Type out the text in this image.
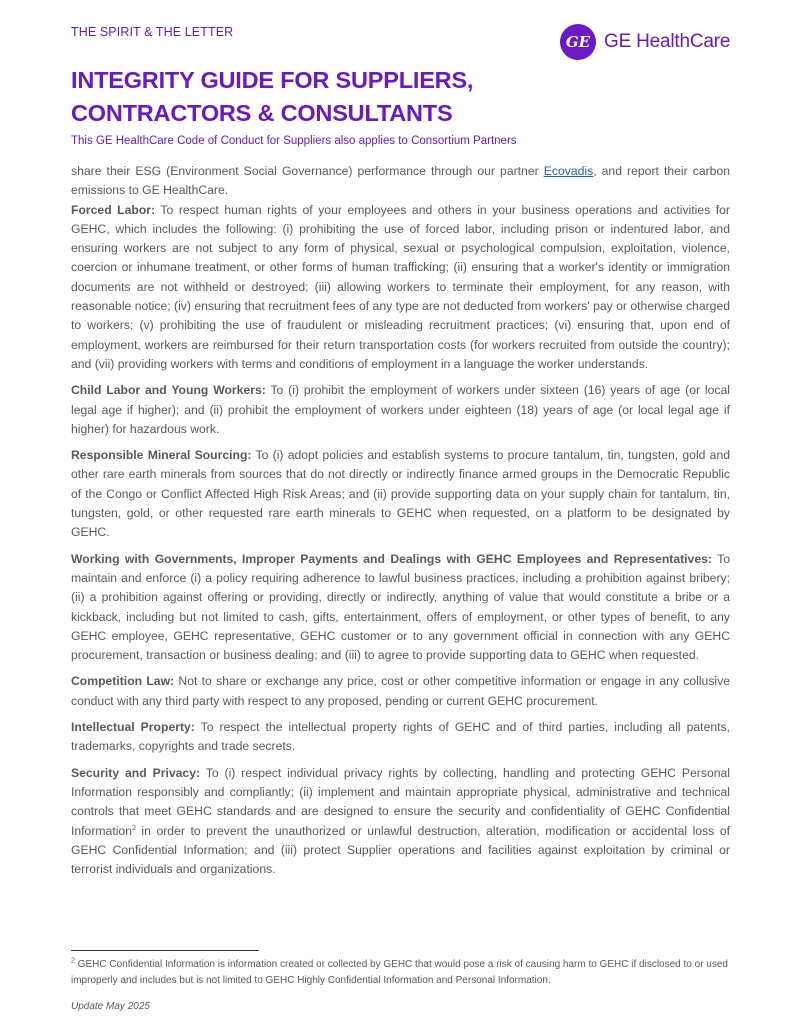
THE SPIRIT & THE LETTER
GE GE HealthCare
INTEGRITY GUIDE FOR SUPPLIERS,
CONTRACTORS & CONSULTANTS
This GE HealthCare Code of Conduct for Suppliers also applies to Consortium Partners

share their ESG (Environment Social Governance) performance through our partner Ecovadis, and report their carbon emissions to GE HealthCare.

Forced Labor: To respect human rights of your employees and others in your business operations and activities for GEHC, which includes the following: (i) prohibiting the use of forced labor, including prison or indentured labor, and ensuring workers are not subject to any form of physical, sexual or psychological compulsion, exploitation, violence, coercion or inhumane treatment, or other forms of human trafficking; (ii) ensuring that a worker's identity or immigration documents are not withheld or destroyed; (iii) allowing workers to terminate their employment, for any reason, with reasonable notice; (iv) ensuring that recruitment fees of any type are not deducted from workers' pay or otherwise charged to workers; (v) prohibiting the use of fraudulent or misleading recruitment practices; (vi) ensuring that, upon end of employment, workers are reimbursed for their return transportation costs (for workers recruited from outside the country); and (vii) providing workers with terms and conditions of employment in a language the worker understands.

Child Labor and Young Workers: To (i) prohibit the employment of workers under sixteen (16) years of age (or local legal age if higher); and (ii) prohibit the employment of workers under eighteen (18) years of age (or local legal age if higher) for hazardous work.

Responsible Mineral Sourcing: To (i) adopt policies and establish systems to procure tantalum, tin, tungsten, gold and other rare earth minerals from sources that do not directly or indirectly finance armed groups in the Democratic Republic of the Congo or Conflict Affected High Risk Areas; and (ii) provide supporting data on your supply chain for tantalum, tin, tungsten, gold, or other requested rare earth minerals to GEHC when requested, on a platform to be designated by GEHC.

Working with Governments, Improper Payments and Dealings with GEHC Employees and Representatives: To maintain and enforce (i) a policy requiring adherence to lawful business practices, including a prohibition against bribery; (ii) a prohibition against offering or providing, directly or indirectly, anything of value that would constitute a bribe or a kickback, including but not limited to cash, gifts, entertainment, offers of employment, or other types of benefit, to any GEHC employee, GEHC representative, GEHC customer or to any government official in connection with any GEHC procurement, transaction or business dealing; and (iii) to agree to provide supporting data to GEHC when requested.

Competition Law: Not to share or exchange any price, cost or other competitive information or engage in any collusive conduct with any third party with respect to any proposed, pending or current GEHC procurement.

Intellectual Property: To respect the intellectual property rights of GEHC and of third parties, including all patents, trademarks, copyrights and trade secrets.

Security and Privacy: To (i) respect individual privacy rights by collecting, handling and protecting GEHC Personal Information responsibly and compliantly; (ii) implement and maintain appropriate physical, administrative and technical controls that meet GEHC standards and are designed to ensure the security and confidentiality of GEHC Confidential Information$^2$ in order to prevent the unauthorized or unlawful destruction, alteration, modification or accidental loss of GEHC Confidential Information; and (iii) protect Supplier operations and facilities against exploitation by criminal or terrorist individuals and organizations.

$^2$ GEHC Confidential Information is information created or collected by GEHC that would pose a risk of causing harm to GEHC if disclosed to or used improperly and includes but is not limited to GEHC Highly Confidential Information and Personal Information.
Update May 2025
